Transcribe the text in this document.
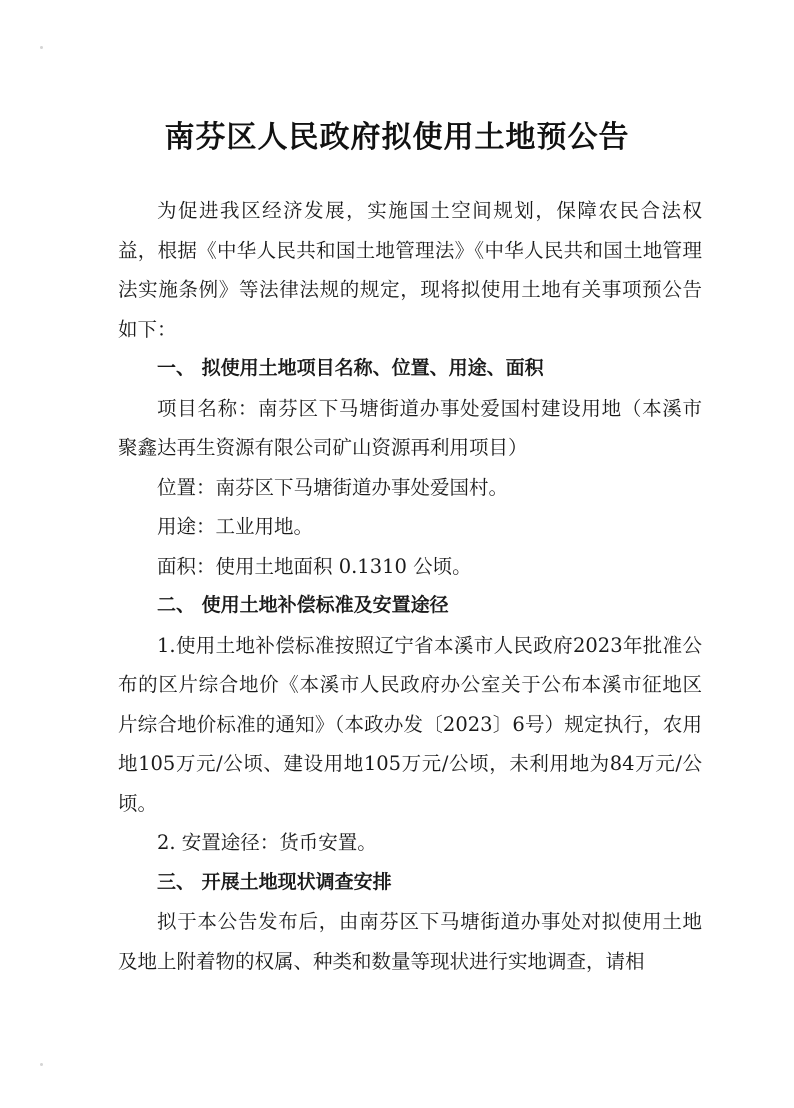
南芬区人民政府拟使用土地预公告

为促进我区经济发展，实施国土空间规划，保障农民合法权益，根据《中华人民共和国土地管理法》《中华人民共和国土地管理法实施条例》等法律法规的规定，现将拟使用土地有关事项预公告如下：

一、 拟使用土地项目名称、位置、用途、面积

项目名称：南芬区下马塘街道办事处爱国村建设用地（本溪市聚鑫达再生资源有限公司矿山资源再利用项目）

位置：南芬区下马塘街道办事处爱国村。

用途：工业用地。

面积：使用土地面积 0.1310 公顷。

二、 使用土地补偿标准及安置途径

1.使用土地补偿标准按照辽宁省本溪市人民政府2023年批准公布的区片综合地价《本溪市人民政府办公室关于公布本溪市征地区片综合地价标准的通知》（本政办发〔2023〕6号）规定执行，农用地105万元/公顷、建设用地105万元/公顷，未利用地为84万元/公顷。

2. 安置途径：货币安置。

三、 开展土地现状调查安排

拟于本公告发布后，由南芬区下马塘街道办事处对拟使用土地及地上附着物的权属、种类和数量等现状进行实地调查，请相
